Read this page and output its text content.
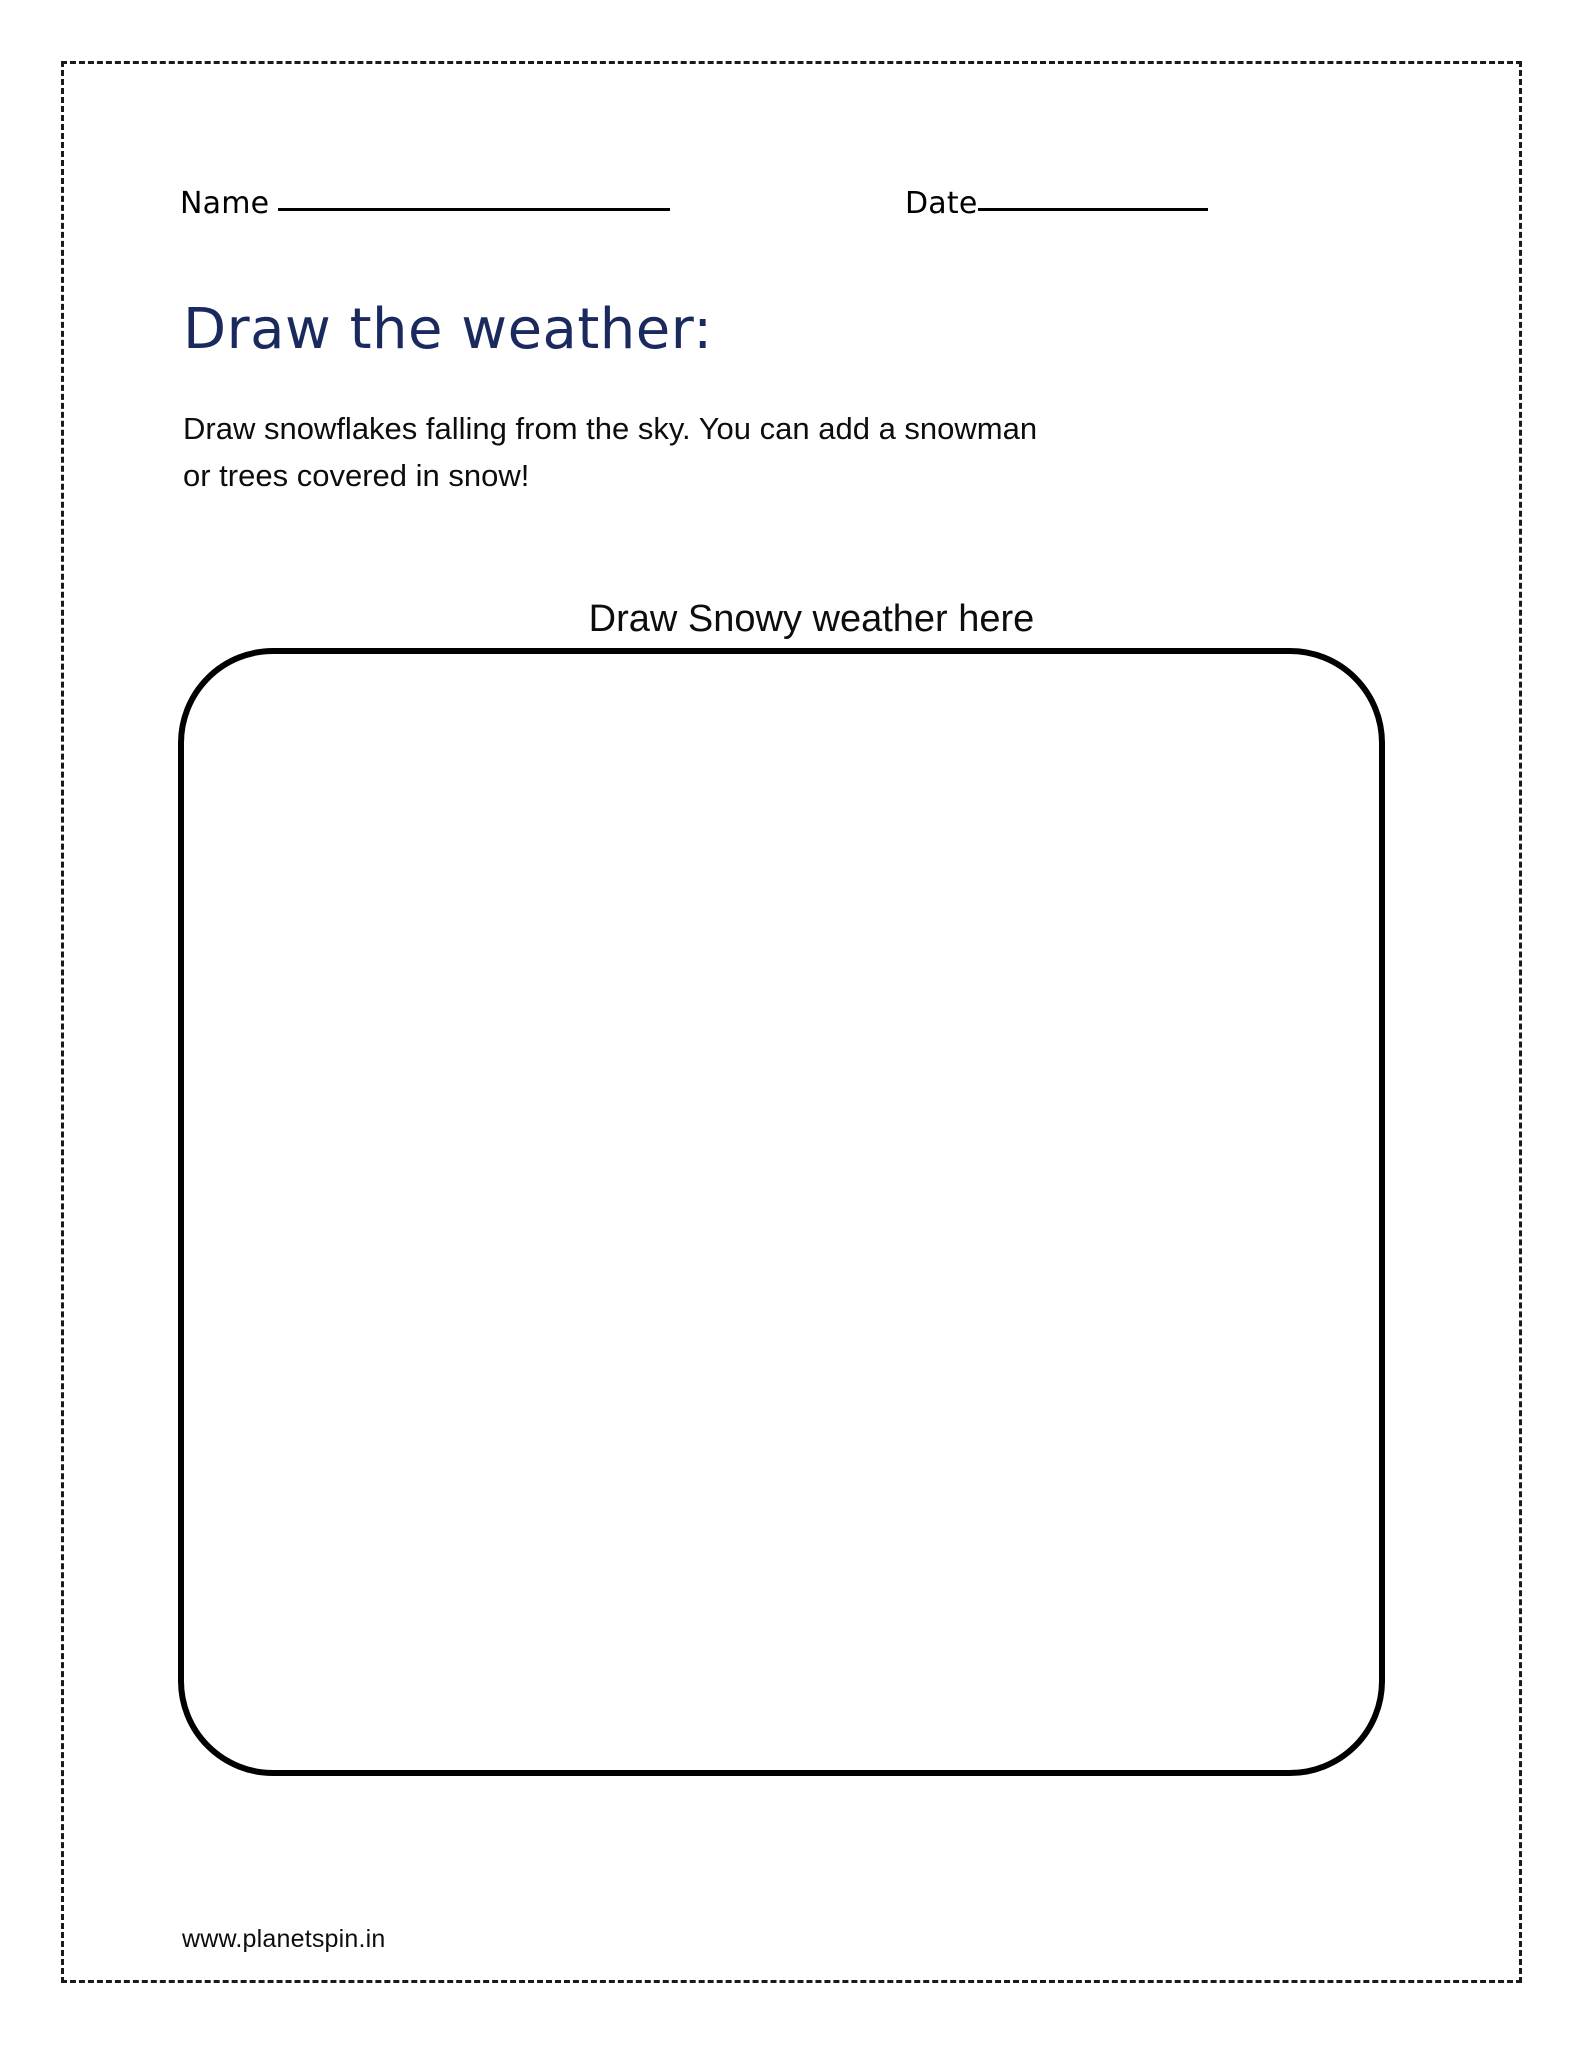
Name	Date
Draw the weather:
Draw snowflakes falling from the sky. You can add a snowman or trees covered in snow!
Draw Snowy weather here
www.planetspin.in
